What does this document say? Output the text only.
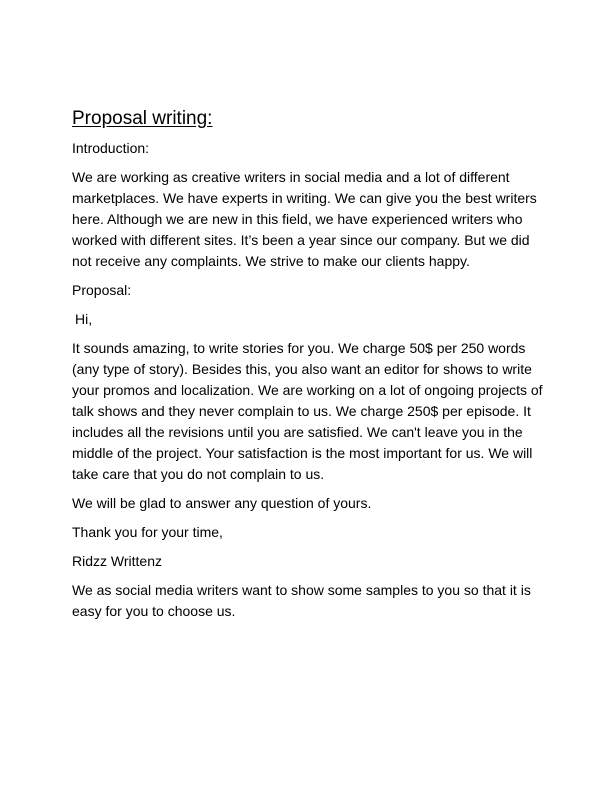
Proposal writing:

Introduction:

We are working as creative writers in social media and a lot of different marketplaces. We have experts in writing. We can give you the best writers here. Although we are new in this field, we have experienced writers who worked with different sites. It’s been a year since our company. But we did not receive any complaints. We strive to make our clients happy.

Proposal:

Hi,

It sounds amazing, to write stories for you. We charge 50$ per 250 words (any type of story). Besides this, you also want an editor for shows to write your promos and localization. We are working on a lot of ongoing projects of talk shows and they never complain to us. We charge 250$ per episode. It includes all the revisions until you are satisfied. We can't leave you in the middle of the project. Your satisfaction is the most important for us. We will take care that you do not complain to us.

We will be glad to answer any question of yours.

Thank you for your time,

Ridzz Writtenz

We as social media writers want to show some samples to you so that it is easy for you to choose us.
